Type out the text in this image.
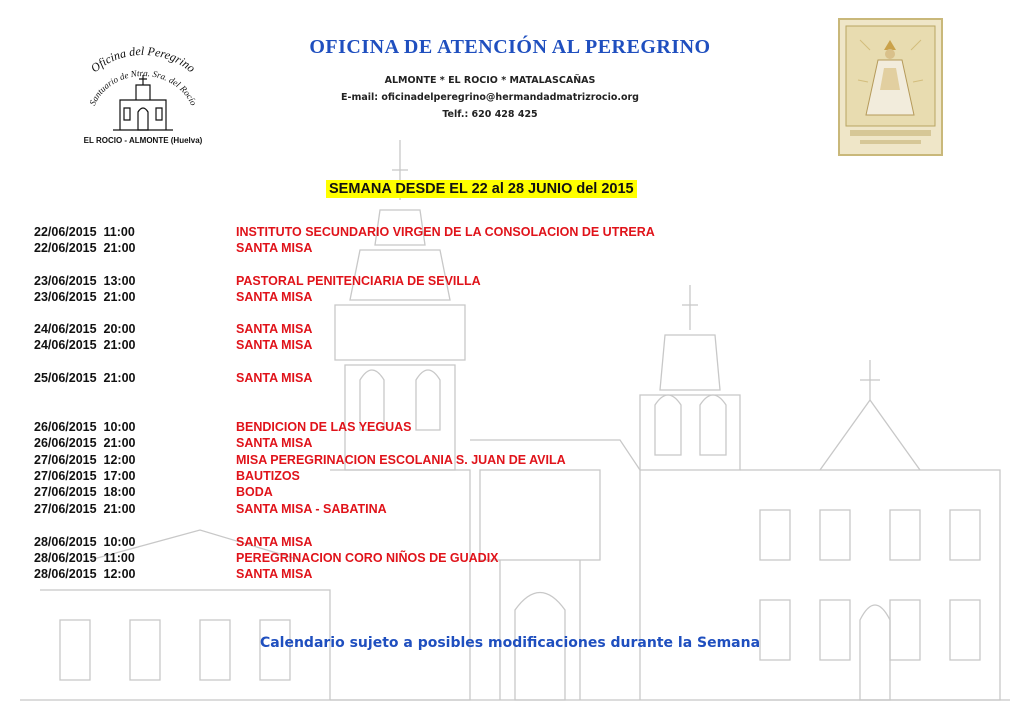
Oficina del Peregrino
Santuario de Ntra. Sra. del Rocío
EL ROCIO - ALMONTE (Huelva)
OFICINA DE ATENCIÓN AL PEREGRINO
ALMONTE * EL ROCIO * MATALASCAÑAS
E-mail: oficinadelperegrino@hermandadmatrizrocio.org
Telf.: 620 428 425
SEMANA DESDE EL 22 al 28 JUNIO del 2015
22/06/2015  11:00	INSTITUTO SECUNDARIO VIRGEN DE LA CONSOLACION DE UTRERA
22/06/2015  21:00	SANTA MISA
23/06/2015  13:00	PASTORAL PENITENCIARIA DE SEVILLA
23/06/2015  21:00	SANTA MISA
24/06/2015  20:00	SANTA MISA
24/06/2015  21:00	SANTA MISA
25/06/2015  21:00	SANTA MISA
26/06/2015  10:00	BENDICION DE LAS YEGUAS
26/06/2015  21:00	SANTA MISA
27/06/2015  12:00	MISA PEREGRINACION ESCOLANIA S. JUAN DE AVILA
27/06/2015  17:00	BAUTIZOS
27/06/2015  18:00	BODA
27/06/2015  21:00	SANTA MISA - SABATINA
28/06/2015  10:00	SANTA MISA
28/06/2015  11:00	PEREGRINACION CORO NIÑOS DE GUADIX
28/06/2015  12:00	SANTA MISA
Calendario sujeto a posibles modificaciones durante la Semana
